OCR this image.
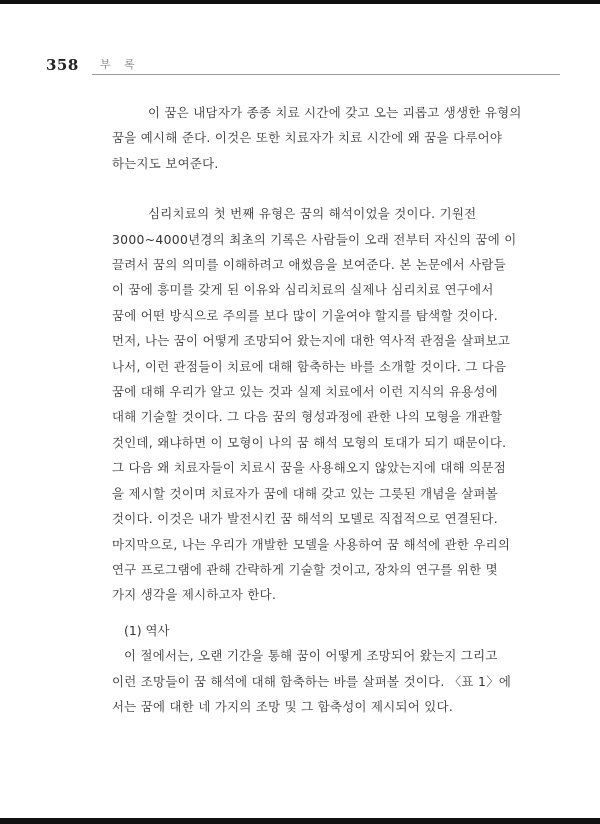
358 부 록

이 꿈은 내담자가 종종 치료 시간에 갖고 오는 괴롭고 생생한 유형의
꿈을 예시해 준다. 이것은 또한 치료자가 치료 시간에 왜 꿈을 다루어야
하는지도 보여준다.

심리치료의 첫 번째 유형은 꿈의 해석이었을 것이다. 기원전
3000~4000년경의 최초의 기록은 사람들이 오래 전부터 자신의 꿈에 이
끌려서 꿈의 의미를 이해하려고 애썼음을 보여준다. 본 논문에서 사람들
이 꿈에 흥미를 갖게 된 이유와 심리치료의 실제나 심리치료 연구에서
꿈에 어떤 방식으로 주의를 보다 많이 기울여야 할지를 탐색할 것이다.
먼저, 나는 꿈이 어떻게 조망되어 왔는지에 대한 역사적 관점을 살펴보고
나서, 이런 관점들이 치료에 대해 함축하는 바를 소개할 것이다. 그 다음
꿈에 대해 우리가 알고 있는 것과 실제 치료에서 이런 지식의 유용성에
대해 기술할 것이다. 그 다음 꿈의 형성과정에 관한 나의 모형을 개관할
것인데, 왜냐하면 이 모형이 나의 꿈 해석 모형의 토대가 되기 때문이다.
그 다음 왜 치료자들이 치료시 꿈을 사용해오지 않았는지에 대해 의문점
을 제시할 것이며 치료자가 꿈에 대해 갖고 있는 그릇된 개념을 살펴볼
것이다. 이것은 내가 발전시킨 꿈 해석의 모델로 직접적으로 연결된다.
마지막으로, 나는 우리가 개발한 모델을 사용하여 꿈 해석에 관한 우리의
연구 프로그램에 관해 간략하게 기술할 것이고, 장차의 연구를 위한 몇
가지 생각을 제시하고자 한다.

(1) 역사

이 절에서는, 오랜 기간을 통해 꿈이 어떻게 조망되어 왔는지 그리고
이런 조망들이 꿈 해석에 대해 함축하는 바를 살펴볼 것이다. 〈표 1〉에
서는 꿈에 대한 네 가지의 조망 및 그 함축성이 제시되어 있다.
